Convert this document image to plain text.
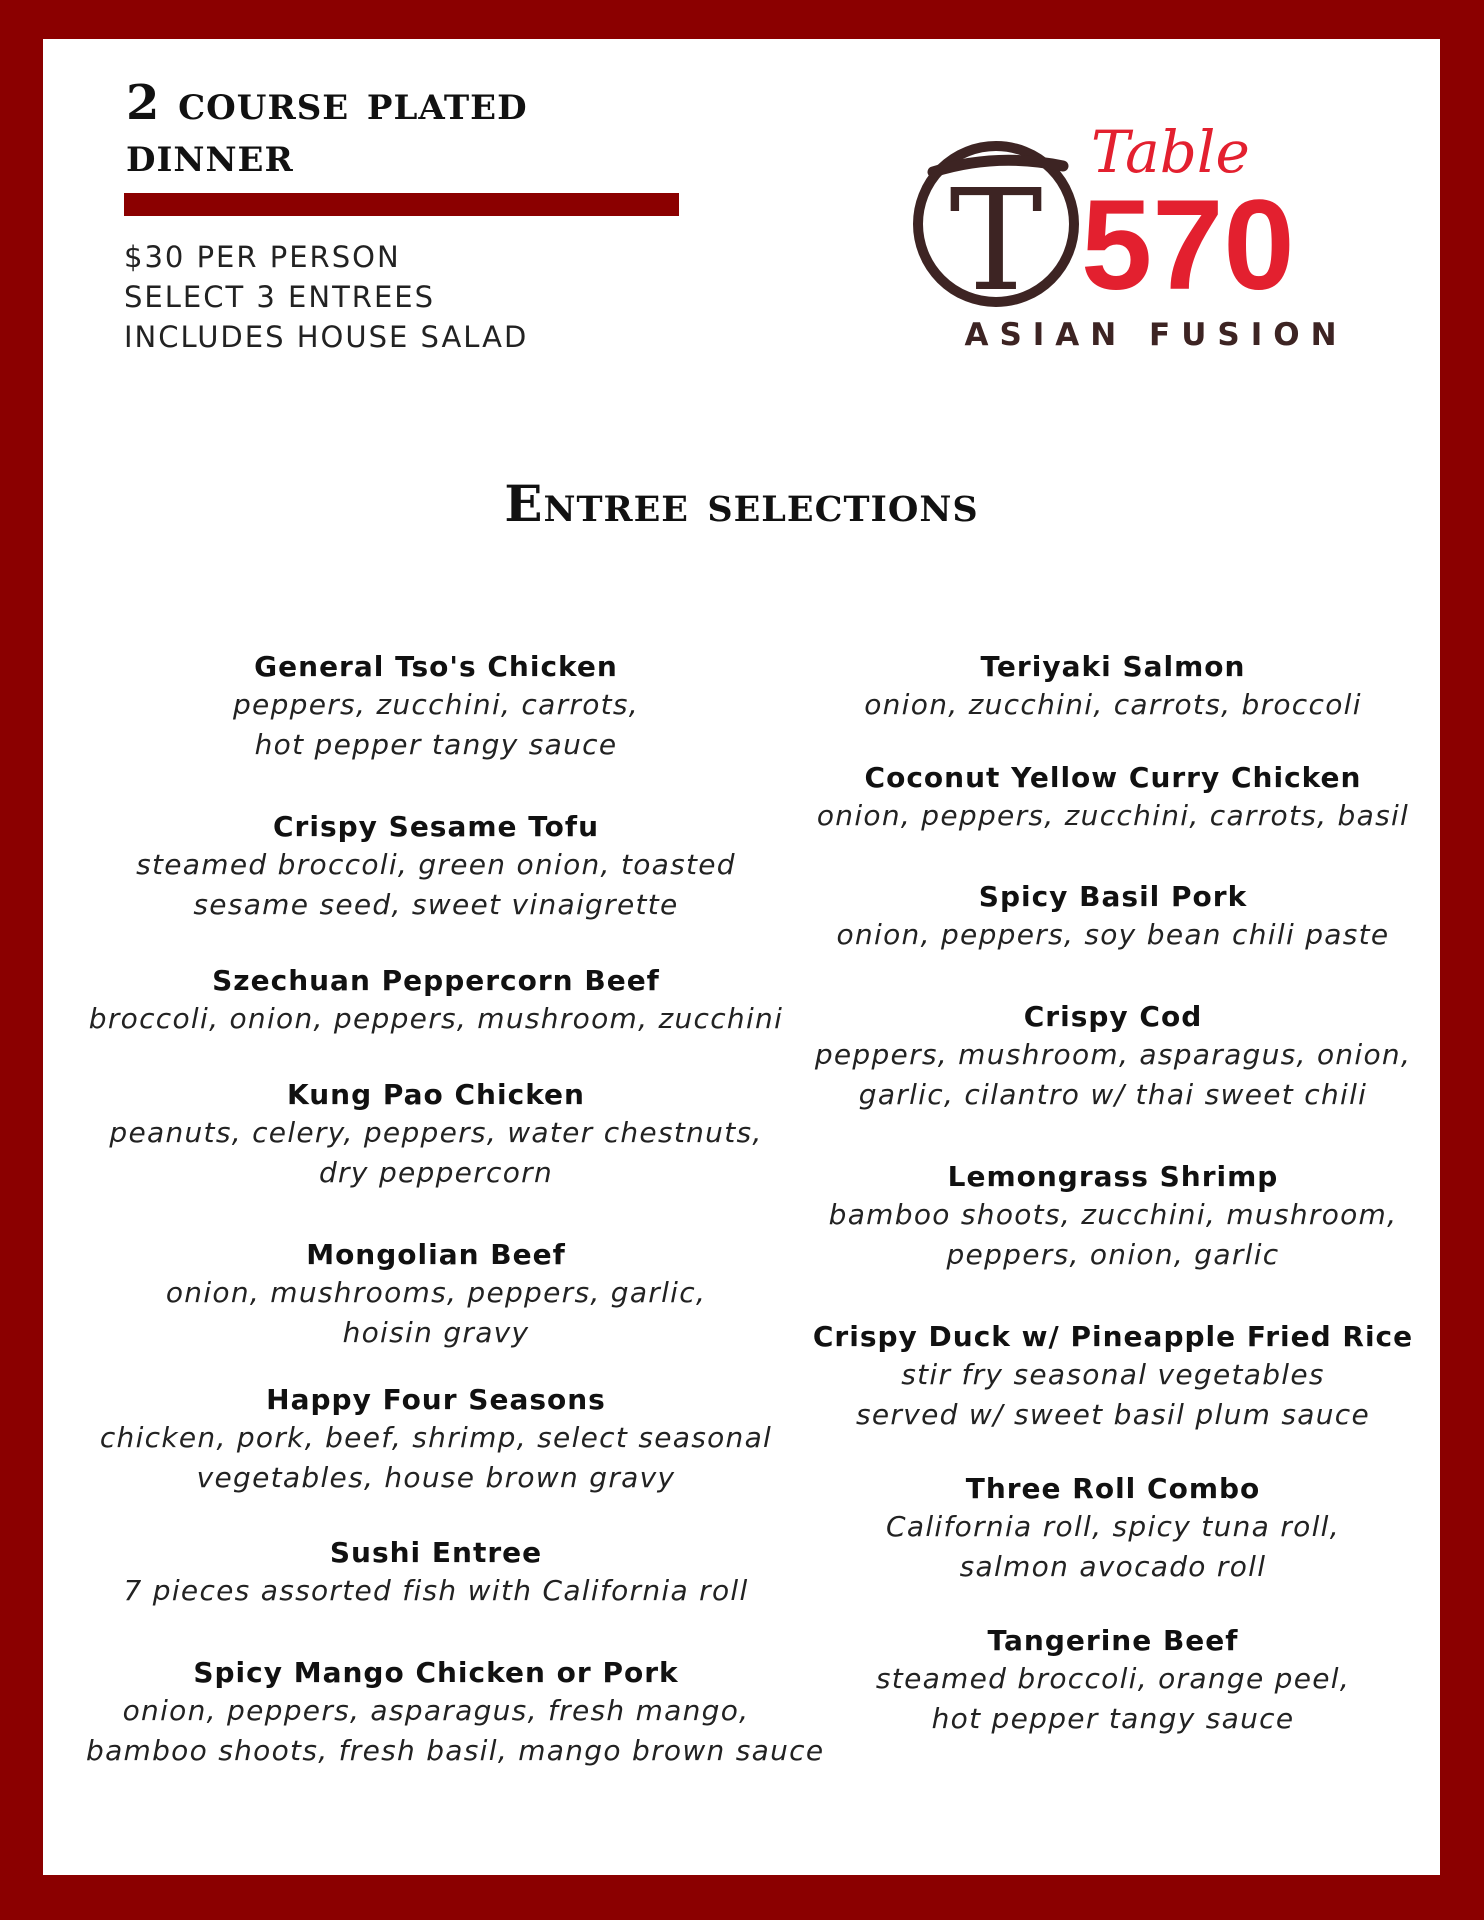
2 course plated
dinner
$30 PER PERSON
SELECT 3 ENTREES
INCLUDES HOUSE SALAD
T
Table
570
ASIAN FUSION
Entree selections
General Tso's Chicken
peppers, zucchini, carrots,
hot pepper tangy sauce
Crispy Sesame Tofu
steamed broccoli, green onion, toasted
sesame seed, sweet vinaigrette
Szechuan Peppercorn Beef
broccoli, onion, peppers, mushroom, zucchini
Kung Pao Chicken
peanuts, celery, peppers, water chestnuts,
dry peppercorn
Mongolian Beef
onion, mushrooms, peppers, garlic,
hoisin gravy
Happy Four Seasons
chicken, pork, beef, shrimp, select seasonal
vegetables, house brown gravy
Sushi Entree
7 pieces assorted fish with California roll
Spicy Mango Chicken or Pork
onion, peppers, asparagus, fresh mango,
bamboo shoots, fresh basil, mango brown sauce
Teriyaki Salmon
onion, zucchini, carrots, broccoli
Coconut Yellow Curry Chicken
onion, peppers, zucchini, carrots, basil
Spicy Basil Pork
onion, peppers, soy bean chili paste
Crispy Cod
peppers, mushroom, asparagus, onion,
garlic, cilantro w/ thai sweet chili
Lemongrass Shrimp
bamboo shoots, zucchini, mushroom,
peppers, onion, garlic
Crispy Duck w/ Pineapple Fried Rice
stir fry seasonal vegetables
served w/ sweet basil plum sauce
Three Roll Combo
California roll, spicy tuna roll,
salmon avocado roll
Tangerine Beef
steamed broccoli, orange peel,
hot pepper tangy sauce
